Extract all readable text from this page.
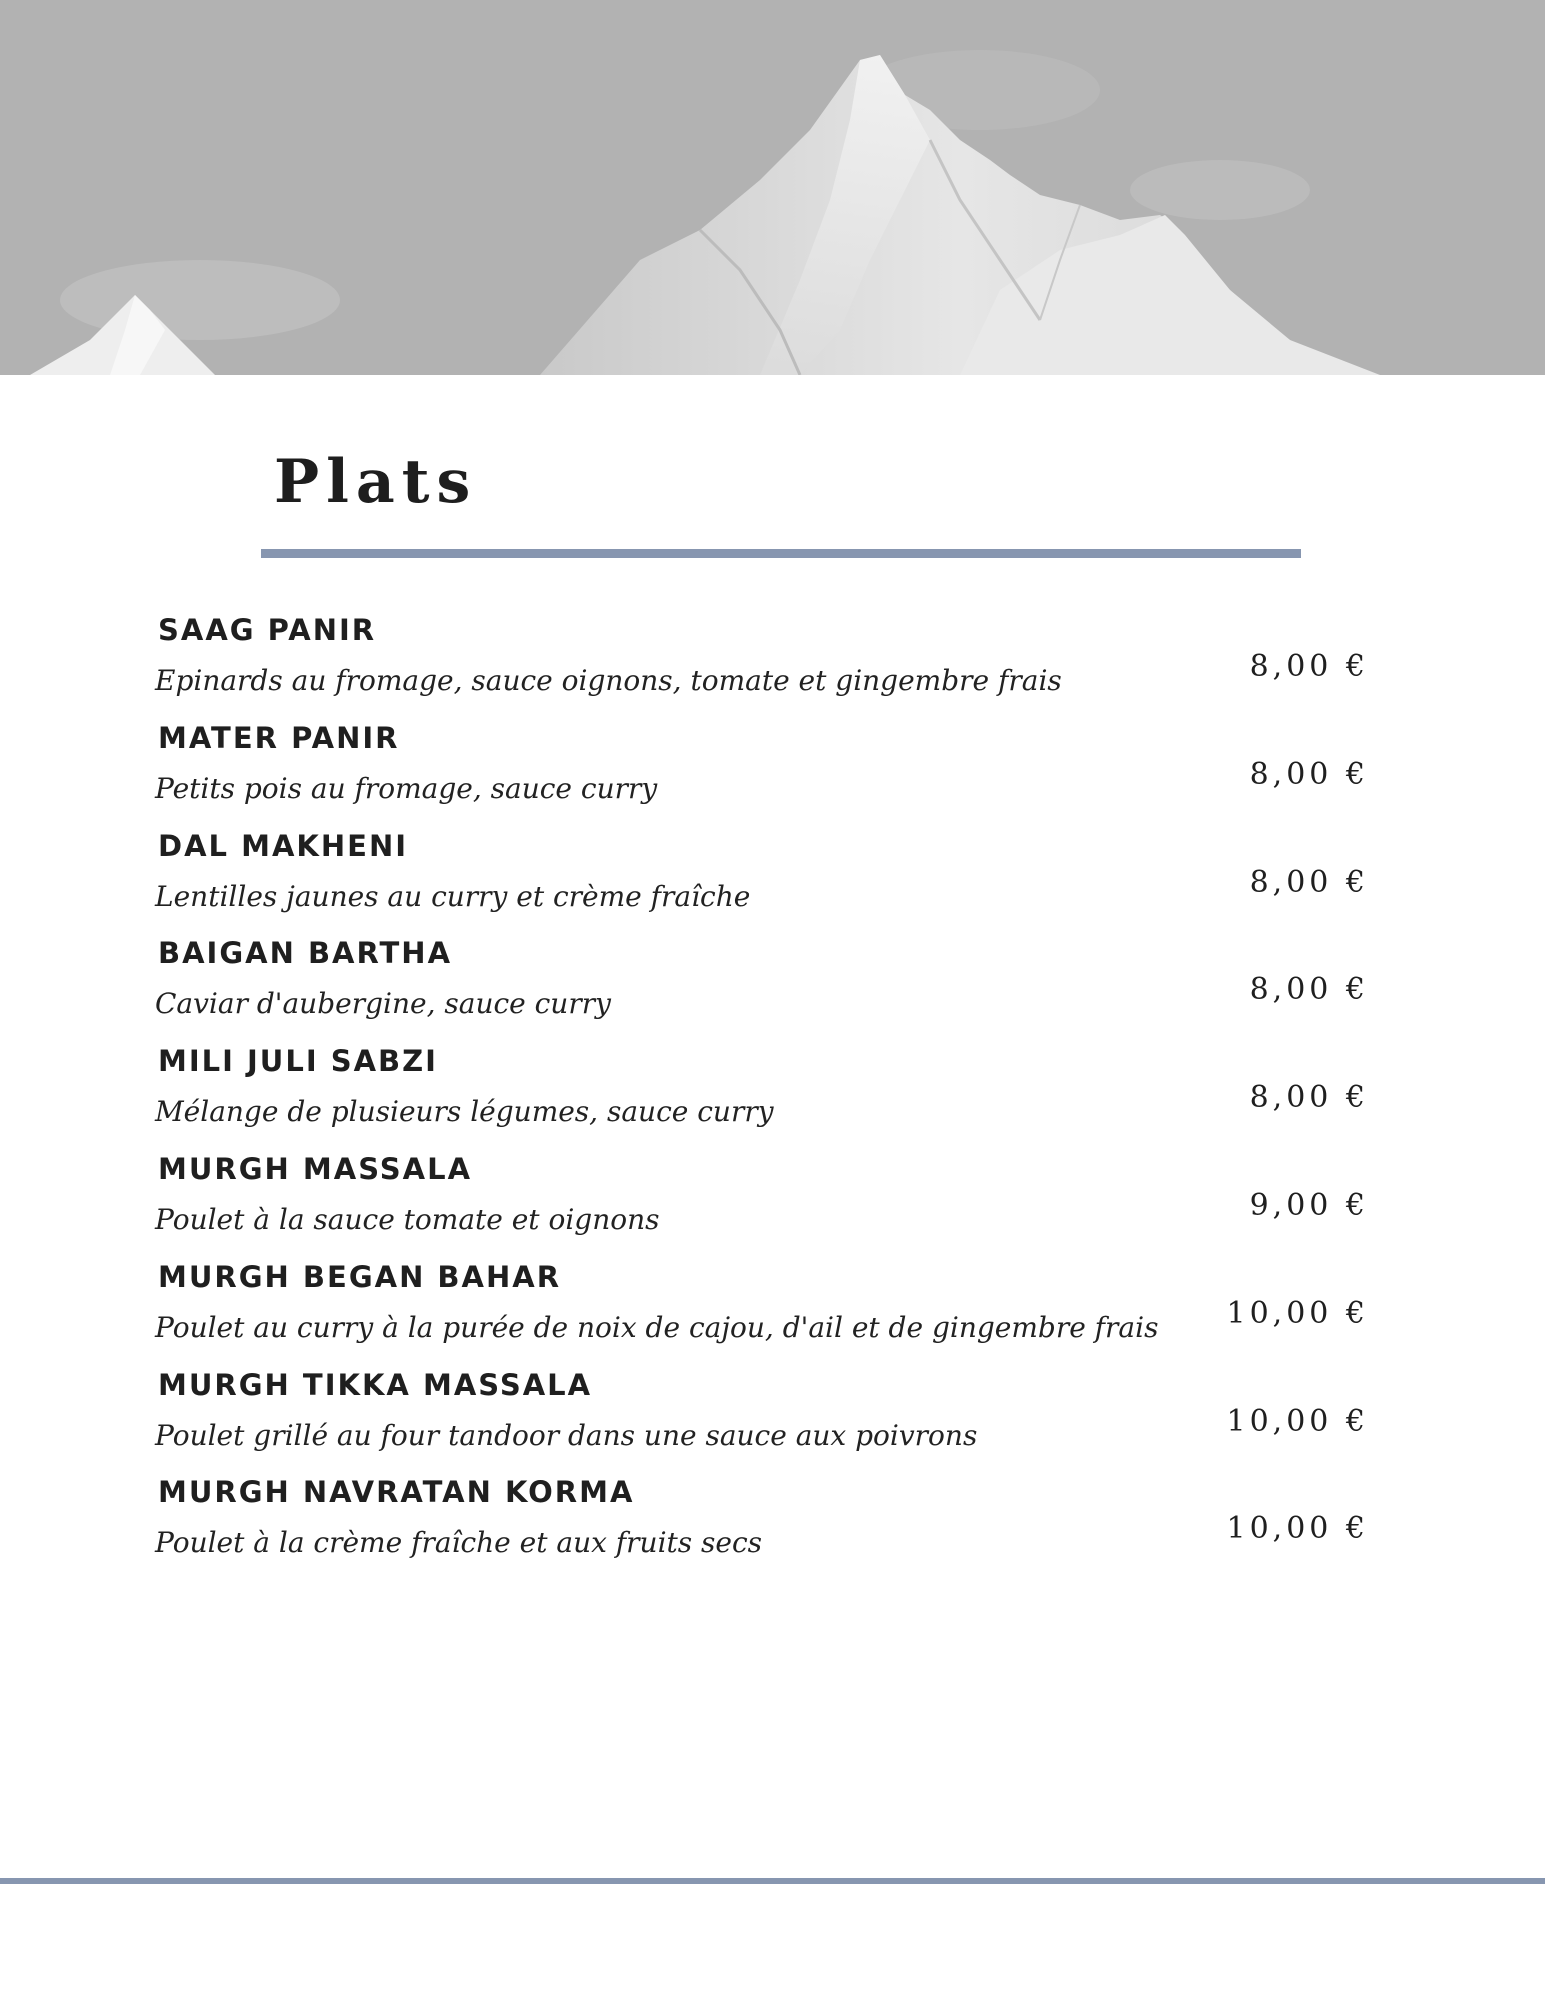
Plats
SAAG PANIR
Epinards au fromage, sauce oignons, tomate et gingembre frais	8,00 €
MATER PANIR
Petits pois au fromage, sauce curry	8,00 €
DAL MAKHENI
Lentilles jaunes au curry et crème fraîche	8,00 €
BAIGAN BARTHA
Caviar d'aubergine, sauce curry	8,00 €
MILI JULI SABZI
Mélange de plusieurs légumes, sauce curry	8,00 €
MURGH MASSALA
Poulet à la sauce tomate et oignons	9,00 €
MURGH BEGAN BAHAR
Poulet au curry à la purée de noix de cajou, d'ail et de gingembre frais 10,00 €
MURGH TIKKA MASSALA
Poulet grillé au four tandoor dans une sauce aux poivrons	10,00 €
MURGH NAVRATAN KORMA
Poulet à la crème fraîche et aux fruits secs	10,00 €
